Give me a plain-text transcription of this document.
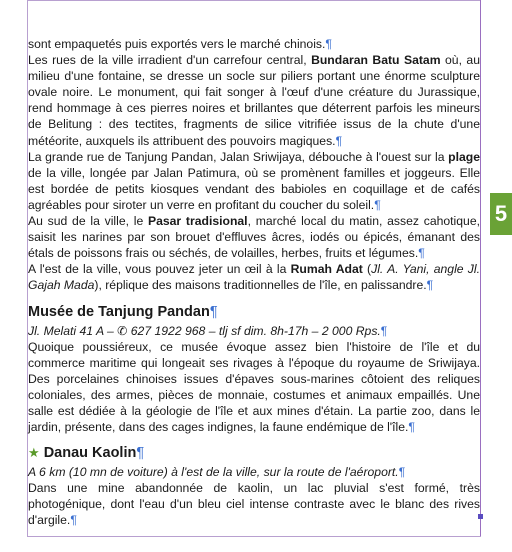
sont empaquetés puis exportés vers le marché chinois.¶

Les rues de la ville irradient d'un carrefour central, Bundaran Batu Satam où, au milieu d'une fontaine, se dresse un socle sur piliers portant une énorme sculpture ovale noire. Le monument, qui fait songer à l'œuf d'une créature du Jurassique, rend hommage à ces pierres noires et brillantes que déterrent parfois les mineurs de Belitung : des tectites, fragments de silice vitrifiée issus de la chute d'une météorite, auxquels ils attribuent des pouvoirs magiques.¶

La grande rue de Tanjung Pandan, Jalan Sriwijaya, débouche à l'ouest sur la plage de la ville, longée par Jalan Patimura, où se promènent familles et joggeurs. Elle est bordée de petits kiosques vendant des babioles en coquillage et de cafés agréables pour siroter un verre en profitant du coucher du soleil.¶

Au sud de la ville, le Pasar tradisional, marché local du matin, assez cahotique, saisit les narines par son brouet d'effluves âcres, iodés ou épicés, émanant des étals de poissons frais ou séchés, de volailles, herbes, fruits et légumes.¶

A l'est de la ville, vous pouvez jeter un œil à la Rumah Adat (Jl. A. Yani, angle Jl. Gajah Mada), réplique des maisons traditionnelles de l'île, en palissandre.¶

Musée de Tanjung Pandan¶

Jl. Melati 41 A – ✆ 627 1922 968 – tlj sf dim. 8h-17h – 2 000 Rps.¶

Quoique poussiéreux, ce musée évoque assez bien l'histoire de l'île et du commerce maritime qui longeait ses rivages à l'époque du royaume de Sriwijaya. Des porcelaines chinoises issues d'épaves sous-marines côtoient des reliques coloniales, des armes, pièces de monnaie, costumes et animaux empaillés. Une salle est dédiée à la géologie de l'île et aux mines d'étain. La partie zoo, dans le jardin, présente, dans des cages indignes, la faune endémique de l'île.¶

★ Danau Kaolin¶

A 6 km (10 mn de voiture) à l'est de la ville, sur la route de l'aéroport.¶

Dans une mine abandonnée de kaolin, un lac pluvial s'est formé, très photogénique, dont l'eau d'un bleu ciel intense contraste avec le blanc des rives d'argile.¶

5
